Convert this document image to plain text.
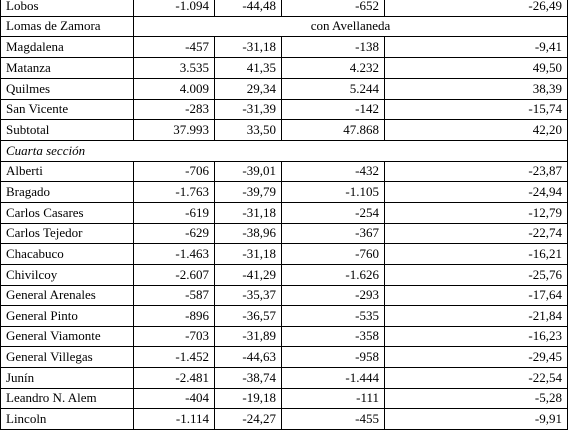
Lobos	-1.094	-44,48	-652	-26,49
Lomas de Zamora	con Avellaneda
Magdalena	-457	-31,18	-138	-9,41
Matanza	3.535	41,35	4.232	49,50
Quilmes	4.009	29,34	5.244	38,39
San Vicente	-283	-31,39	-142	-15,74
Subtotal	37.993	33,50	47.868	42,20
Cuarta sección
Alberti	-706	-39,01	-432	-23,87
Bragado	-1.763	-39,79	-1.105	-24,94
Carlos Casares	-619	-31,18	-254	-12,79
Carlos Tejedor	-629	-38,96	-367	-22,74
Chacabuco	-1.463	-31,18	-760	-16,21
Chivilcoy	-2.607	-41,29	-1.626	-25,76
General Arenales	-587	-35,37	-293	-17,64
General Pinto	-896	-36,57	-535	-21,84
General Viamonte	-703	-31,89	-358	-16,23
General Villegas	-1.452	-44,63	-958	-29,45
Junín	-2.481	-38,74	-1.444	-22,54
Leandro N. Alem	-404	-19,18	-111	-5,28
Lincoln	-1.114	-24,27	-455	-9,91
